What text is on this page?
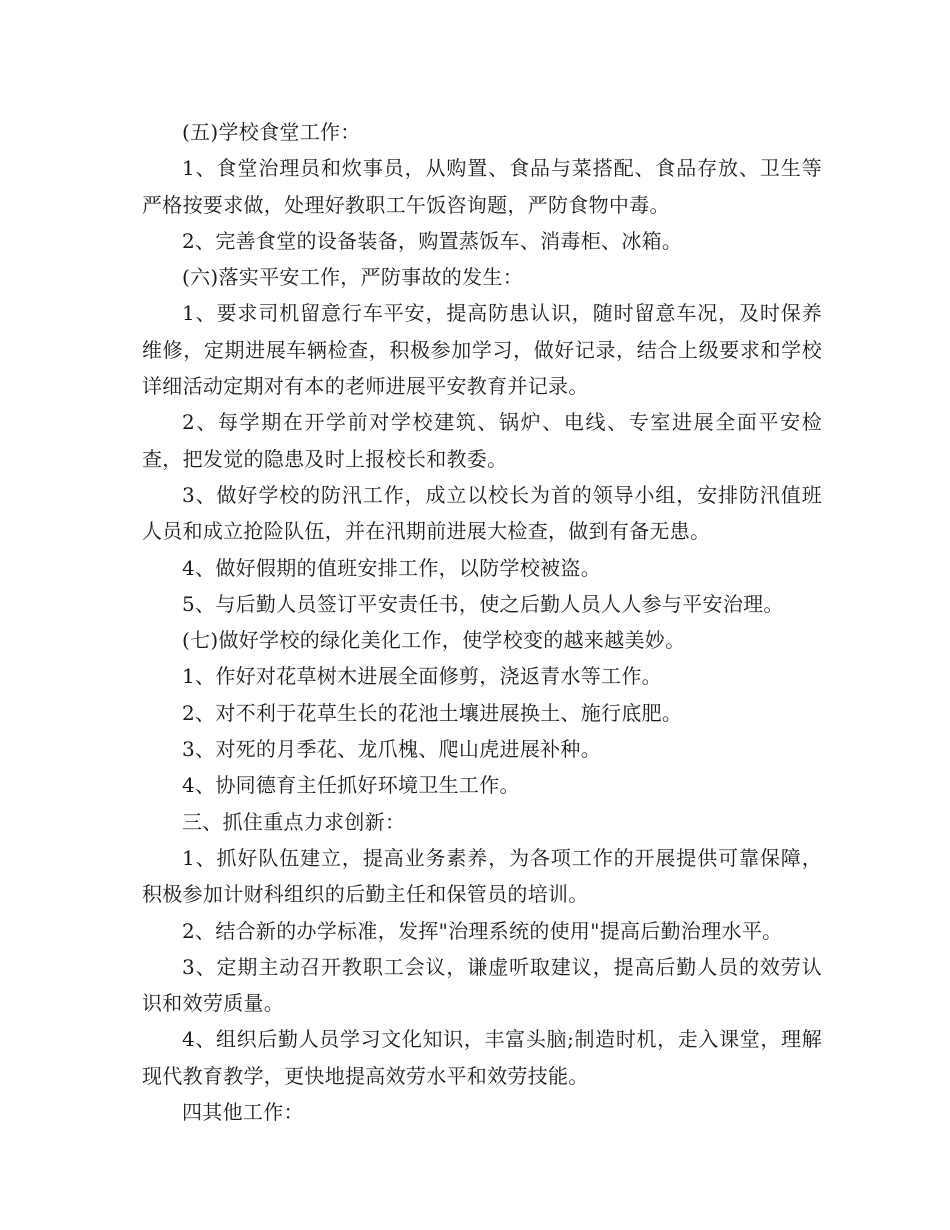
(五)学校食堂工作：

1、食堂治理员和炊事员，从购置、食品与菜搭配、食品存放、卫生等严格按要求做，处理好教职工午饭咨询题，严防食物中毒。

2、完善食堂的设备装备，购置蒸饭车、消毒柜、冰箱。

(六)落实平安工作，严防事故的发生：

1、要求司机留意行车平安，提高防患认识，随时留意车况，及时保养维修，定期进展车辆检查，积极参加学习，做好记录，结合上级要求和学校详细活动定期对有本的老师进展平安教育并记录。

2、每学期在开学前对学校建筑、锅炉、电线、专室进展全面平安检查，把发觉的隐患及时上报校长和教委。

3、做好学校的防汛工作，成立以校长为首的领导小组，安排防汛值班人员和成立抢险队伍，并在汛期前进展大检查，做到有备无患。

4、做好假期的值班安排工作，以防学校被盗。

5、与后勤人员签订平安责任书，使之后勤人员人人参与平安治理。

(七)做好学校的绿化美化工作，使学校变的越来越美妙。

1、作好对花草树木进展全面修剪，浇返青水等工作。

2、对不利于花草生长的花池土壤进展换土、施行底肥。

3、对死的月季花、龙爪槐、爬山虎进展补种。

4、协同德育主任抓好环境卫生工作。

三、抓住重点力求创新：

1、抓好队伍建立，提高业务素养，为各项工作的开展提供可靠保障，积极参加计财科组织的后勤主任和保管员的培训。

2、结合新的办学标准，发挥"治理系统的使用"提高后勤治理水平。

3、定期主动召开教职工会议，谦虚听取建议，提高后勤人员的效劳认识和效劳质量。

4、组织后勤人员学习文化知识，丰富头脑;制造时机，走入课堂，理解现代教育教学，更快地提高效劳水平和效劳技能。

四其他工作：
